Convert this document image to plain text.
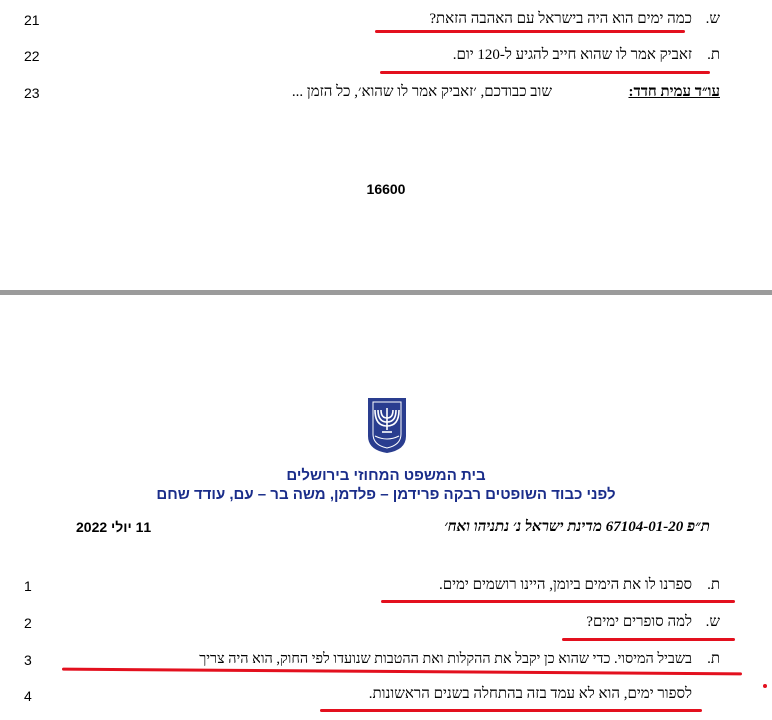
21	ש.
כמה ימים הוא היה בישראל עם האהבה הזאת?
22	ת.
זאביק אמר לו שהוא חייב להגיע ל-120 יום.
23	עו״ד עמית חדד:
שוב כבודכם, ׳זאביק אמר לו שהוא׳, כל הזמן ...
16600
בית המשפט המחוזי בירושלים
לפני כבוד השופטים רבקה פרידמן – פלדמן, משה בר – עם, עודד שחם
ת״פ 67104-01-20 מדינת ישראל נ׳ נתניהו ואח׳
11 יולי 2022
1	ת.
ספרנו לו את הימים ביומן, היינו רושמים ימים.
2	ש.
למה סופרים ימים?
3	ת.
בשביל המיסוי. כדי שהוא כן יקבל את ההקלות ואת ההטבות שנועדו לפי החוק, הוא היה צריך
4	לספור ימים, הוא לא עמד בזה בהתחלה בשנים הראשונות.
